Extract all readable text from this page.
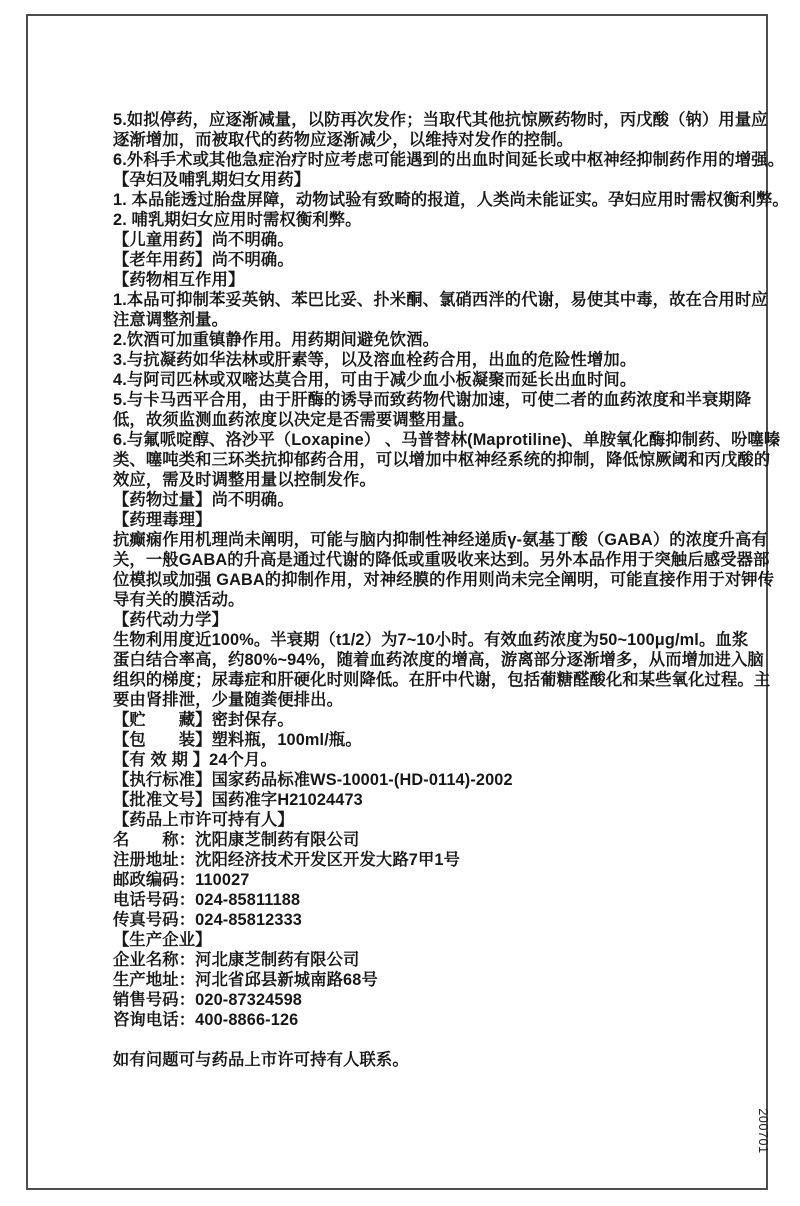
5.如拟停药，应逐渐减量，以防再次发作；当取代其他抗惊厥药物时，丙戊酸（钠）用量应
逐渐增加，而被取代的药物应逐渐减少，以维持对发作的控制。
6.外科手术或其他急症治疗时应考虑可能遇到的出血时间延长或中枢神经抑制药作用的增强。
【孕妇及哺乳期妇女用药】
1. 本品能透过胎盘屏障，动物试验有致畸的报道，人类尚未能证实。孕妇应用时需权衡利弊。
2. 哺乳期妇女应用时需权衡利弊。
【儿童用药】尚不明确。
【老年用药】尚不明确。
【药物相互作用】
1.本品可抑制苯妥英钠、苯巴比妥、扑米酮、氯硝西泮的代谢，易使其中毒，故在合用时应
注意调整剂量。
2.饮酒可加重镇静作用。用药期间避免饮酒。
3.与抗凝药如华法林或肝素等，以及溶血栓药合用，出血的危险性增加。
4.与阿司匹林或双嘧达莫合用，可由于减少血小板凝聚而延长出血时间。
5.与卡马西平合用，由于肝酶的诱导而致药物代谢加速，可使二者的血药浓度和半衰期降
低，故须监测血药浓度以决定是否需要调整用量。
6.与氟哌啶醇、洛沙平（Loxapine） 、马普替林(Maprotiline)、单胺氧化酶抑制药、吩噻嗪
类、噻吨类和三环类抗抑郁药合用，可以增加中枢神经系统的抑制，降低惊厥阈和丙戊酸的
效应，需及时调整用量以控制发作。
【药物过量】尚不明确。
【药理毒理】
抗癫痫作用机理尚未阐明，可能与脑内抑制性神经递质γ-氨基丁酸（GABA）的浓度升高有
关，一般GABA的升高是通过代谢的降低或重吸收来达到。另外本品作用于突触后感受器部
位模拟或加强 GABA的抑制作用，对神经膜的作用则尚未完全阐明，可能直接作用于对钾传
导有关的膜活动。
【药代动力学】
生物利用度近100%。半衰期（t1/2）为7~10小时。有效血药浓度为50~100μg/ml。血浆
蛋白结合率高，约80%~94%，随着血药浓度的增高，游离部分逐渐增多，从而增加进入脑
组织的梯度；尿毒症和肝硬化时则降低。在肝中代谢，包括葡糖醛酸化和某些氧化过程。主
要由肾排泄，少量随粪便排出。
【贮　　藏】密封保存。
【包　　装】塑料瓶，100ml/瓶。
【有 效 期 】24个月。
【执行标准】国家药品标准WS-10001-(HD-0114)-2002
【批准文号】国药准字H21024473
【药品上市许可持有人】
名　　称：沈阳康芝制药有限公司
注册地址：沈阳经济技术开发区开发大路7甲1号
邮政编码：110027
电话号码：024-85811188
传真号码：024-85812333
【生产企业】
企业名称：河北康芝制药有限公司
生产地址：河北省邱县新城南路68号
销售号码：020-87324598
咨询电话：400-8866-126
如有问题可与药品上市许可持有人联系。
200701
